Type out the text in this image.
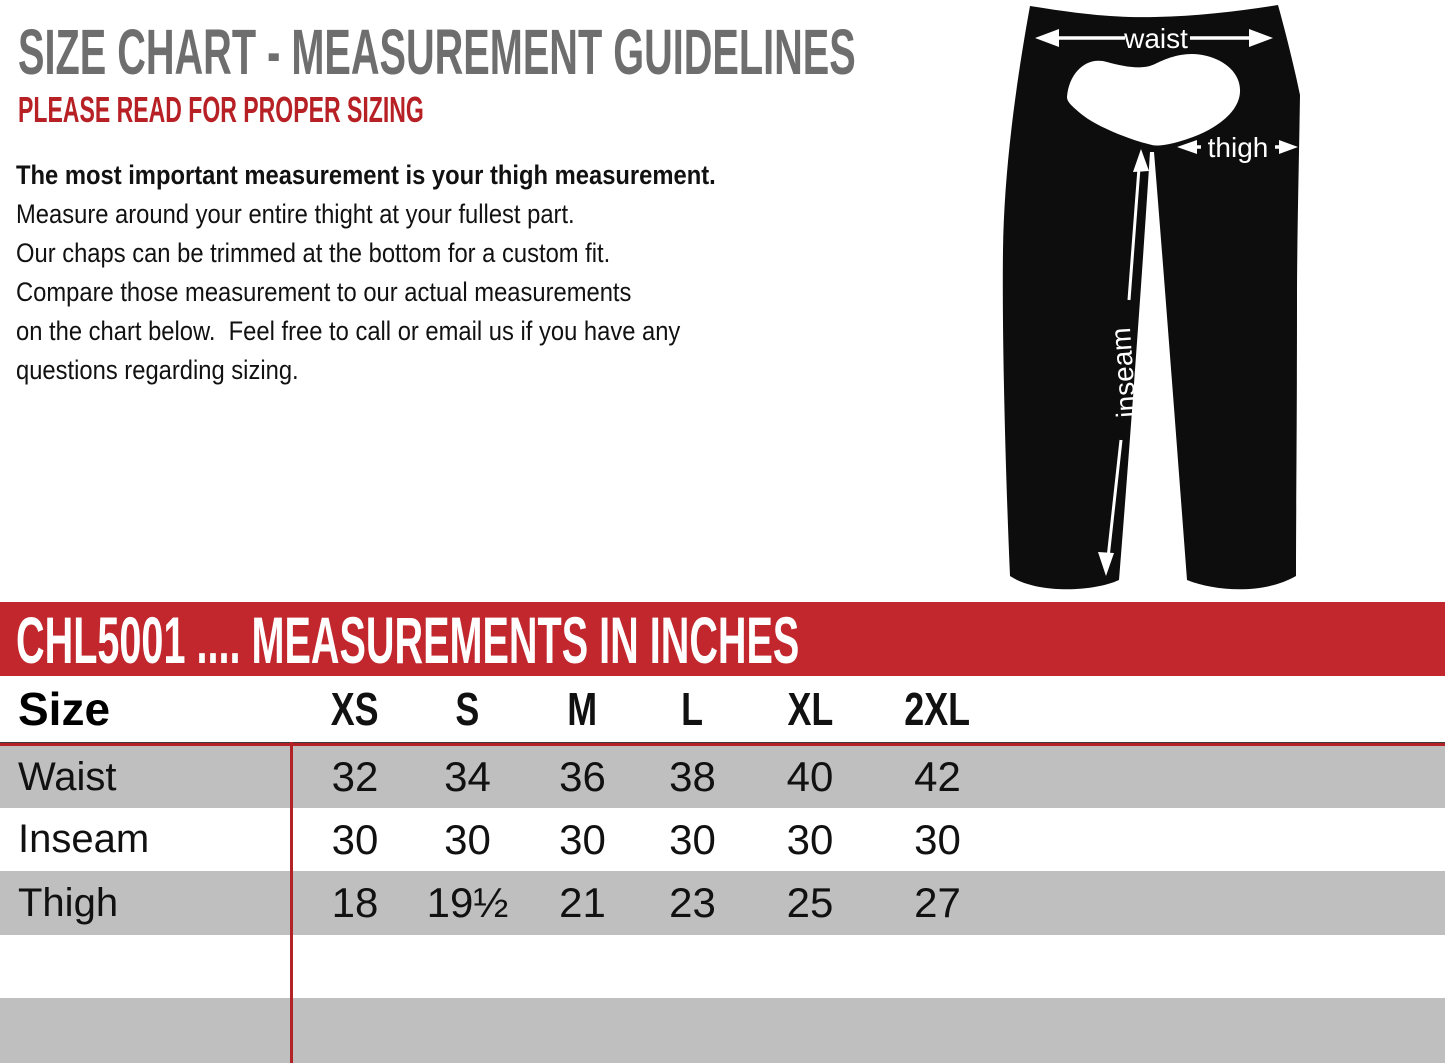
SIZE CHART - MEASUREMENT GUIDELINES
PLEASE READ FOR PROPER SIZING
The most important measurement is your thigh measurement.
Measure around your entire thight at your fullest part.
Our chaps can be trimmed at the bottom for a custom fit.
Compare those measurement to our actual measurements
on the chart below.  Feel free to call or email us if you have any
questions regarding sizing.
waist
thigh
inseam
CHL5001 .... MEASUREMENTS IN INCHES
Size	XS	S	M	L	XL	2XL
Waist	32	34	36	38	40	42
Inseam	30	30	30	30	30	30
Thigh	18	19½	21	23	25	27
